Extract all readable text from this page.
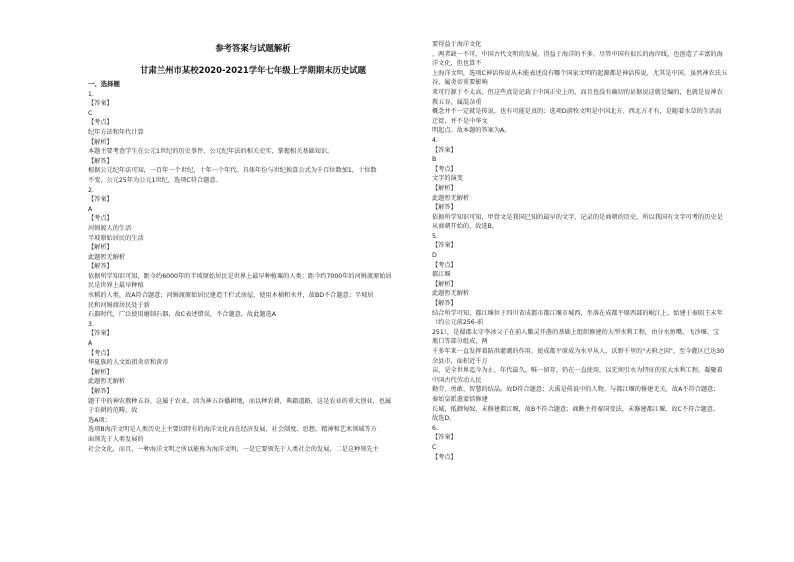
参考答案与试题解析
甘肃兰州市某校2020-2021学年七年级上学期期末历史试题
一、选择题
1.
【答案】
C
【考点】
纪年方法和年代计算
【解析】
本题主要考查学生在公元1世纪的历史事件、公元纪年法的相关史实，掌握相关基础知识。
【解答】
根据公元纪年法可知，一百年一个世纪，十年一个年代。具体年份与世纪换算公式为千百位数加1，十位数
不变，公元25年为公元1世纪，选项C符合题意。
2.
【答案】
A
【考点】
河姆渡人的生活
半坡原始居民的生活
【解析】
此题暂无解析
【解答】
依据所学知识可知，距今约6000年的半坡原始居民是世界上最早种植粟的人类；距今约7000年的河姆渡原始居
民是世界上最早种植
水稻的人类，故A符合题意；河姆渡原始居民建造干栏式房屋，使用木桶和水井，故BD不合题意；半坡居
民和河姆渡居民处于新
石器时代，广泛使用磨制石器，故C表述错误，不合题意。故此题选A
3.
【答案】
A
【考点】
华夏族的人文始祖炎帝和黄帝
【解析】
此题暂无解析
【解答】
题干中的神农教种五谷，这属于农业，因为神五谷播耕地，而以种农耕，典籍道路，这是农业的重大创业，也属
于农耕的范畴，故
选A项；
选项B海洋文明是人类历史上主要因特有的海洋文化而在经济发展、社会制度、思想、精神和艺术领域等方
面领先于人类发展的
社会文化，而且，一种海洋文明之所以能称为海洋文明，一是它要领先于人类社会的发展，二是这种领先主
要得益于海洋文化
，两者缺一不可，中国古代文明的发展，得益于海洋的不多，尽管中国有很长的海岸线，也创造了丰富的海
洋文化，但也算不
上海洋文明，选项C神话传说从未能表述没有哪个国家文明的起源都是神话传说，尤其是中国，虽然神农氏五
谷，属炎帝重要影响
来可行源于不太高，但这些真是记载于中国正史上的，而且也没有确切的证据说这就是编的，也就是说神农
教五谷，属混杂重
概念并不一定就是传说，也有可能是真的；选项D游牧文明是中国北方、西北方才有，是随着水草的生活而
迁徙，并不是中华文
明起点。故本题的答案为A。
4.
【答案】
B
【考点】
文字的演变
【解析】
此题暂无解析
【解答】
依据所学知识可知，甲骨文是我国已知的最早的文字，记录的是商朝的历史，所以我国有文字可考的历史是
从商朝开始的，故选B。
5.
【答案】
D
【考点】
都江堰
【解析】
此题暂无解析
【解答】
结合所学可知，都江堰位于四川省成都市都江堰市城西，坐落在成都平原西部的岷江上，始建于秦昭王末年
（约公元前256-前
251），是蜀郡太守李冰父子在前人鳖灵开凿的基础上组织修建的大型水利工程，由分水鱼嘴、飞沙堰、宝
瓶口等部分组成，两
千多年来一直发挥着防洪灌溉的作用，使成都平原成为水旱从人、沃野千里的"天府之国"，至今灌区已达30
余县市，面积近千万
亩，是全世界迄今为止，年代最久、唯一留存、仍在一直使用，以无坝引水为特征的宏大水利工程，凝聚着
中国古代劳动人民
勤劳、勇敢、智慧的结晶。故D符合题意；大禹是传说中的人物，与都江堰的修建无关，故A不符合题意；
秦始皇派遣蒙恬修建
长城，抵御匈奴，未修建都江堰，故B不符合题意；商鞅主持秦国变法，未修建都江堰，故C不符合题意。
故选D。
6.
【答案】
C
【考点】
